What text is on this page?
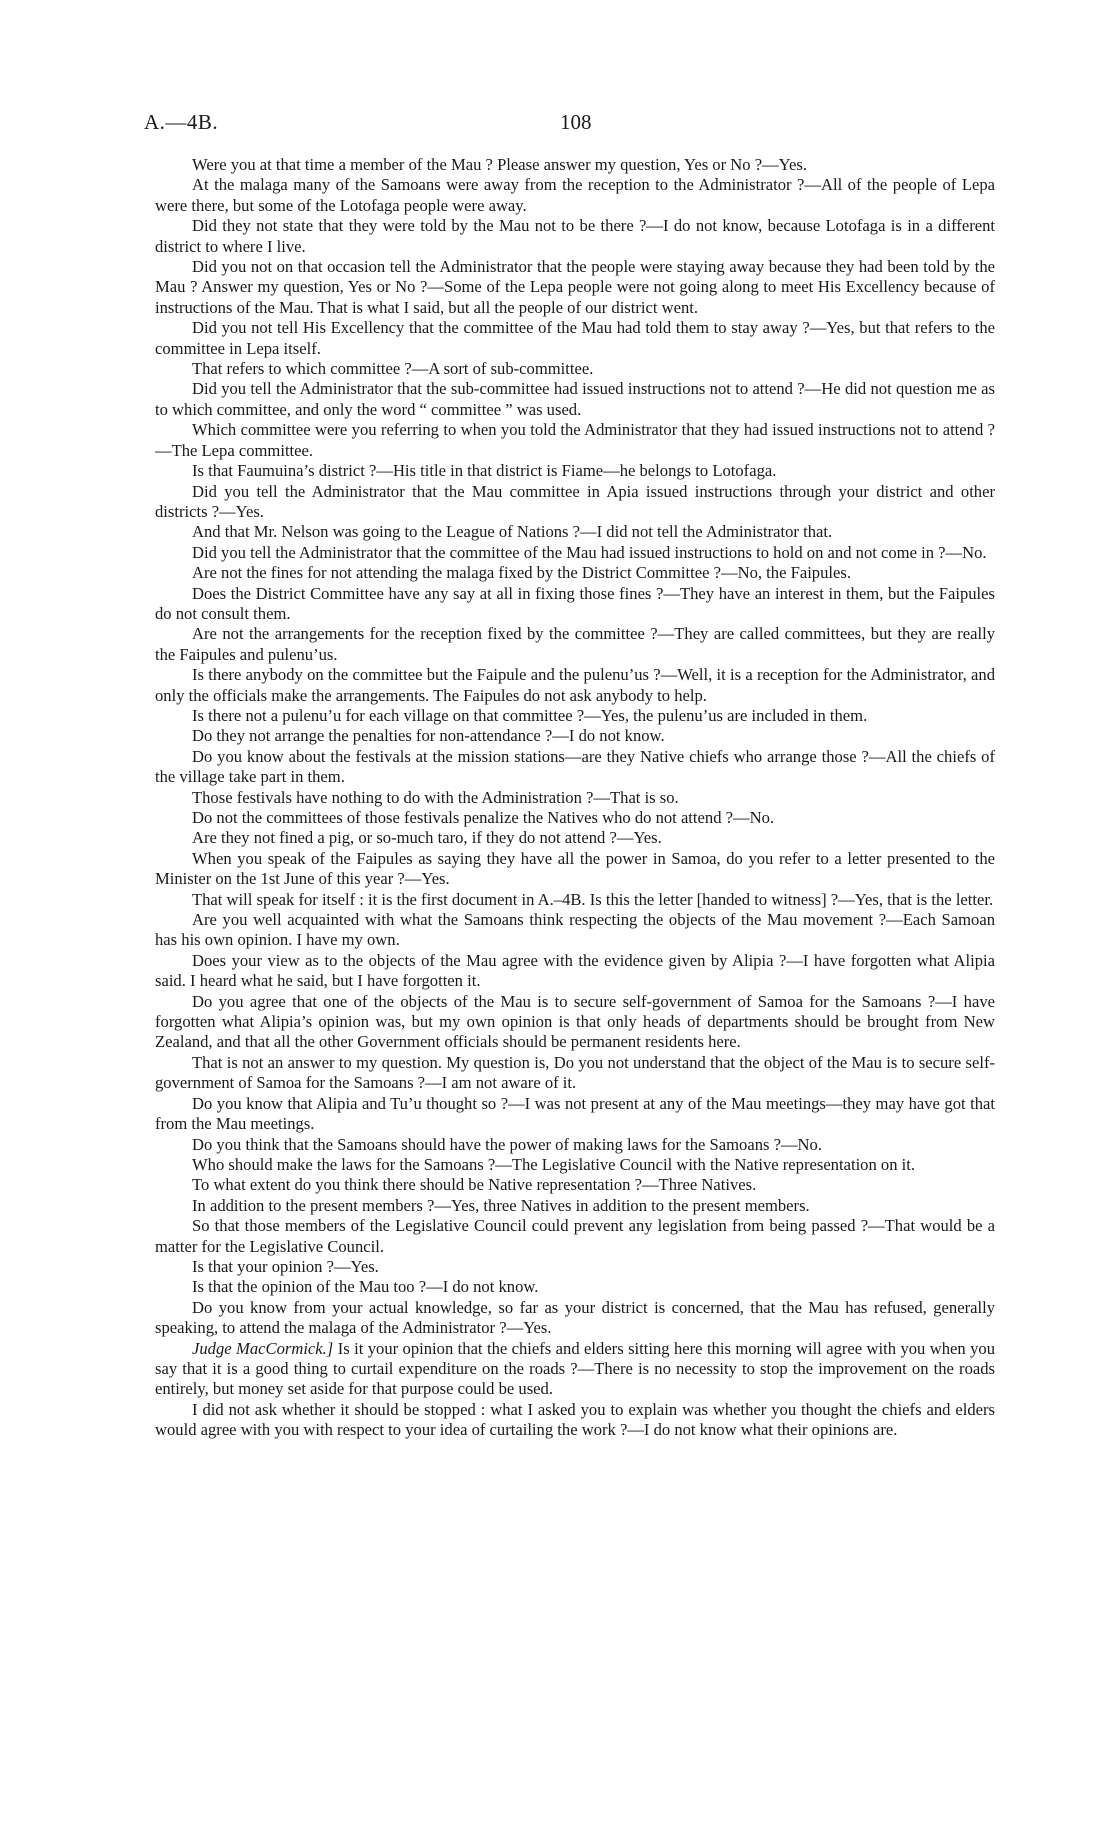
A.—4B.	108

Were you at that time a member of the Mau ? Please answer my question, Yes or No ?—Yes.

At the malaga many of the Samoans were away from the reception to the Administrator ?—All of the people of Lepa were there, but some of the Lotofaga people were away.

Did they not state that they were told by the Mau not to be there ?—I do not know, because Lotofaga is in a different district to where I live.

Did you not on that occasion tell the Administrator that the people were staying away because they had been told by the Mau ? Answer my question, Yes or No ?—Some of the Lepa people were not going along to meet His Excellency because of instructions of the Mau. That is what I said, but all the people of our district went.

Did you not tell His Excellency that the committee of the Mau had told them to stay away ?—Yes, but that refers to the committee in Lepa itself.

That refers to which committee ?—A sort of sub-committee.

Did you tell the Administrator that the sub-committee had issued instructions not to attend ?—He did not question me as to which committee, and only the word “ committee ” was used.

Which committee were you referring to when you told the Administrator that they had issued instructions not to attend ?—The Lepa committee.

Is that Faumuina’s district ?—His title in that district is Fiame—he belongs to Lotofaga.

Did you tell the Administrator that the Mau committee in Apia issued instructions through your district and other districts ?—Yes.

And that Mr. Nelson was going to the League of Nations ?—I did not tell the Administrator that.

Did you tell the Administrator that the committee of the Mau had issued instructions to hold on and not come in ?—No.

Are not the fines for not attending the malaga fixed by the District Committee ?—No, the Faipules.

Does the District Committee have any say at all in fixing those fines ?—They have an interest in them, but the Faipules do not consult them.

Are not the arrangements for the reception fixed by the committee ?—They are called committees, but they are really the Faipules and pulenu’us.

Is there anybody on the committee but the Faipule and the pulenu’us ?—Well, it is a reception for the Administrator, and only the officials make the arrangements. The Faipules do not ask anybody to help.

Is there not a pulenu’u for each village on that committee ?—Yes, the pulenu’us are included in them.

Do they not arrange the penalties for non-attendance ?—I do not know.

Do you know about the festivals at the mission stations—are they Native chiefs who arrange those ?—All the chiefs of the village take part in them.

Those festivals have nothing to do with the Administration ?—That is so.

Do not the committees of those festivals penalize the Natives who do not attend ?—No.

Are they not fined a pig, or so-much taro, if they do not attend ?—Yes.

When you speak of the Faipules as saying they have all the power in Samoa, do you refer to a letter presented to the Minister on the 1st June of this year ?—Yes.

That will speak for itself : it is the first document in A.–4B. Is this the letter [handed to witness] ?—Yes, that is the letter.

Are you well acquainted with what the Samoans think respecting the objects of the Mau movement ?—Each Samoan has his own opinion. I have my own.

Does your view as to the objects of the Mau agree with the evidence given by Alipia ?—I have forgotten what Alipia said. I heard what he said, but I have forgotten it.

Do you agree that one of the objects of the Mau is to secure self-government of Samoa for the Samoans ?—I have forgotten what Alipia’s opinion was, but my own opinion is that only heads of departments should be brought from New Zealand, and that all the other Government officials should be permanent residents here.

That is not an answer to my question. My question is, Do you not understand that the object of the Mau is to secure self-government of Samoa for the Samoans ?—I am not aware of it.

Do you know that Alipia and Tu’u thought so ?—I was not present at any of the Mau meetings—they may have got that from the Mau meetings.

Do you think that the Samoans should have the power of making laws for the Samoans ?—No.

Who should make the laws for the Samoans ?—The Legislative Council with the Native representation on it.

To what extent do you think there should be Native representation ?—Three Natives.

In addition to the present members ?—Yes, three Natives in addition to the present members.

So that those members of the Legislative Council could prevent any legislation from being passed ?—That would be a matter for the Legislative Council.

Is that your opinion ?—Yes.

Is that the opinion of the Mau too ?—I do not know.

Do you know from your actual knowledge, so far as your district is concerned, that the Mau has refused, generally speaking, to attend the malaga of the Administrator ?—Yes.

Judge MacCormick.] Is it your opinion that the chiefs and elders sitting here this morning will agree with you when you say that it is a good thing to curtail expenditure on the roads ?—There is no necessity to stop the improvement on the roads entirely, but money set aside for that purpose could be used.

I did not ask whether it should be stopped : what I asked you to explain was whether you thought the chiefs and elders would agree with you with respect to your idea of curtailing the work ?—I do not know what their opinions are.
